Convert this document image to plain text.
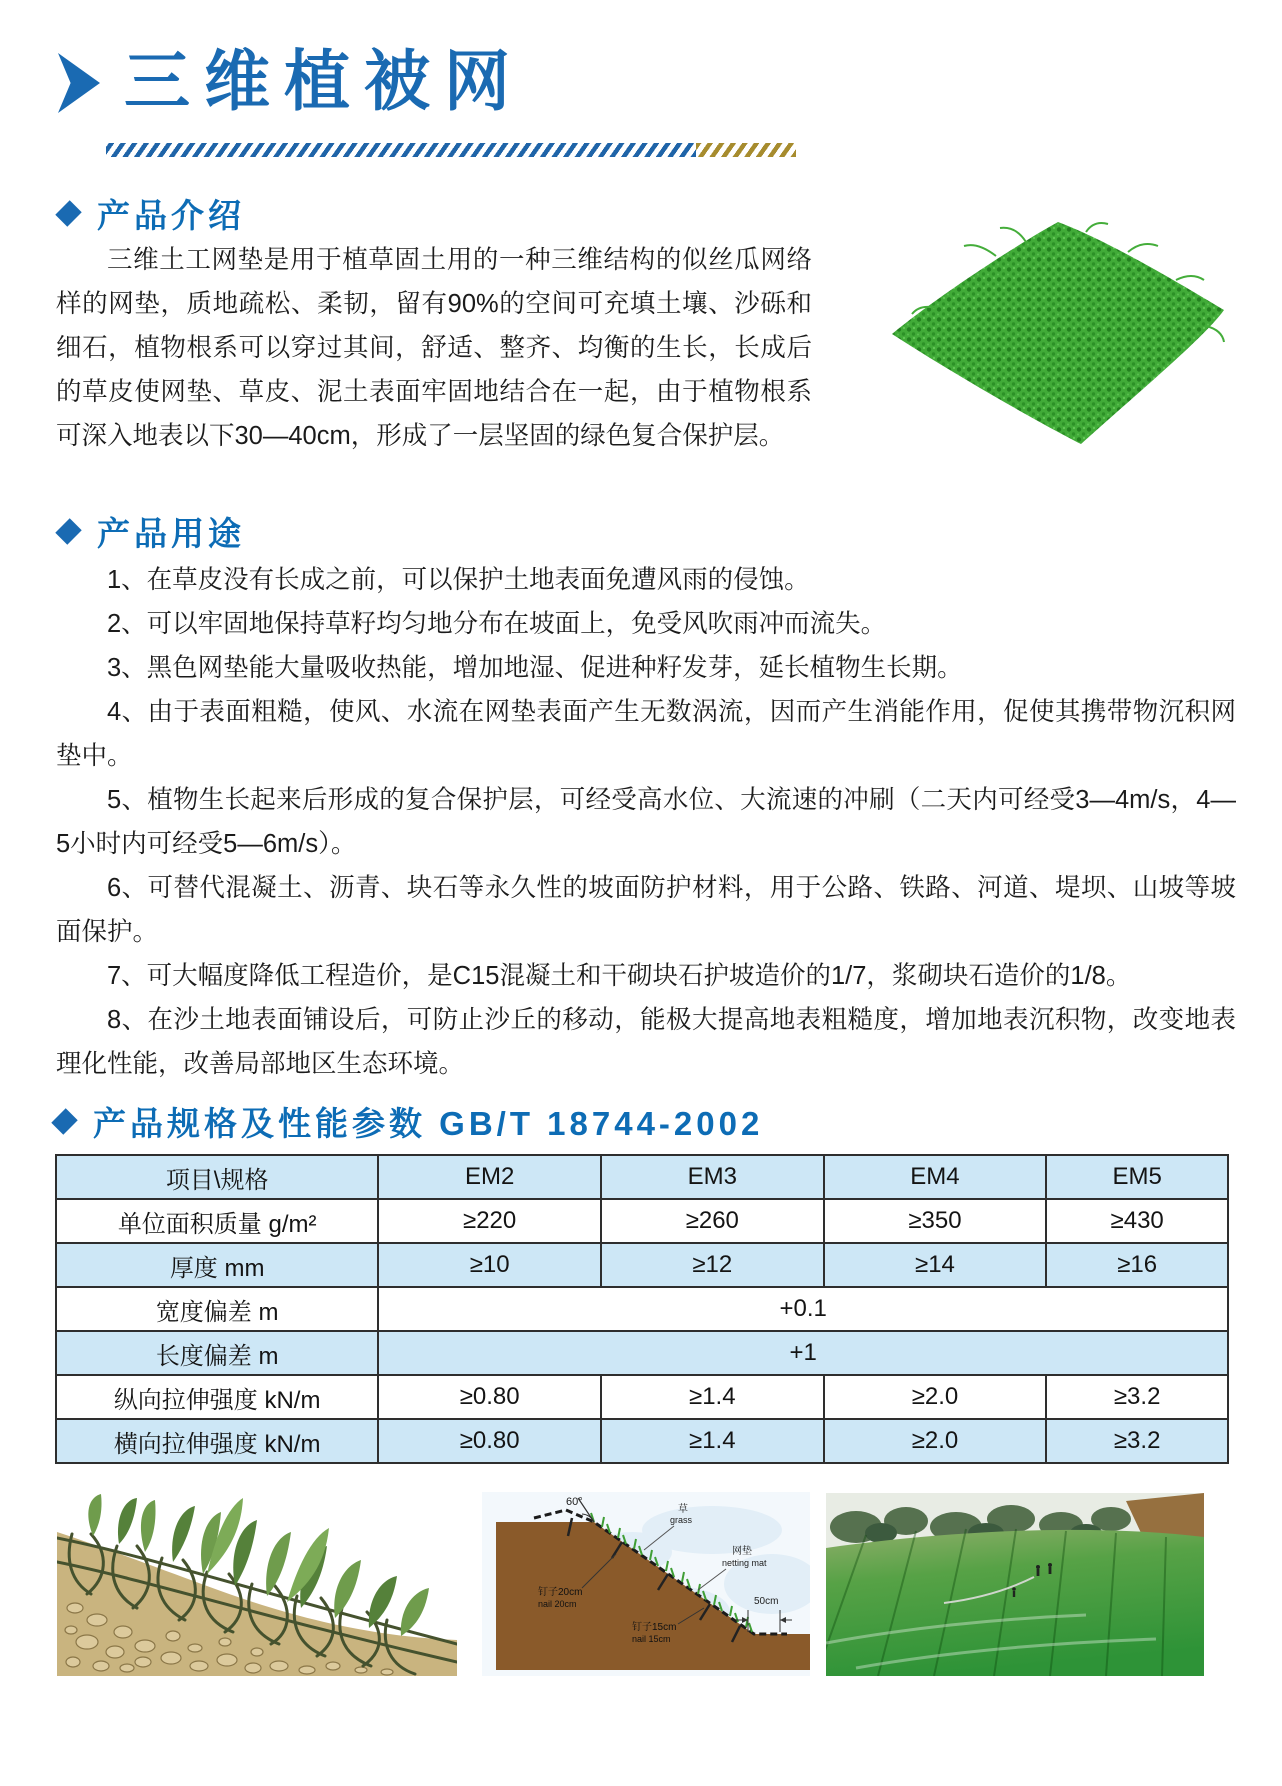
三维植被网
产品介绍

三维土工网垫是用于植草固土用的一种三维结构的似丝瓜网络样的网垫，质地疏松、柔韧，留有90%的空间可充填土壤、沙砾和细石，植物根系可以穿过其间，舒适、整齐、均衡的生长，长成后的草皮使网垫、草皮、泥土表面牢固地结合在一起，由于植物根系可深入地表以下30—40cm，形成了一层坚固的绿色复合保护层。

产品用途

1、在草皮没有长成之前，可以保护土地表面免遭风雨的侵蚀。

2、可以牢固地保持草籽均匀地分布在坡面上，免受风吹雨冲而流失。

3、黑色网垫能大量吸收热能，增加地湿、促进种籽发芽，延长植物生长期。

4、由于表面粗糙，使风、水流在网垫表面产生无数涡流，因而产生消能作用，促使其携带物沉积网垫中。

5、植物生长起来后形成的复合保护层，可经受高水位、大流速的冲刷（二天内可经受3—4m/s，4—5小时内可经受5—6m/s）。

6、可替代混凝土、沥青、块石等永久性的坡面防护材料，用于公路、铁路、河道、堤坝、山坡等坡面保护。

7、可大幅度降低工程造价，是C15混凝土和干砌块石护坡造价的1/7，浆砌块石造价的1/8。

8、在沙土地表面铺设后，可防止沙丘的移动，能极大提高地表粗糙度，增加地表沉积物，改变地表理化性能，改善局部地区生态环境。

产品规格及性能参数 GB/T 18744-2002
项目\规格	EM2	EM3	EM4	EM5
单位面积质量 g/m²	≥220	≥260	≥350	≥430
厚度 mm	≥10	≥12	≥14	≥16
宽度偏差 m	+0.1			
长度偏差 m	+1			
纵向拉伸强度 kN/m	≥0.80	≥1.4	≥2.0	≥3.2
横向拉伸强度 kN/m	≥0.80	≥1.4	≥2.0	≥3.2
60°
草
grass
网垫
netting mat
钉子20cm
nail 20cm
钉子15cm
nail 15cm
50cm
